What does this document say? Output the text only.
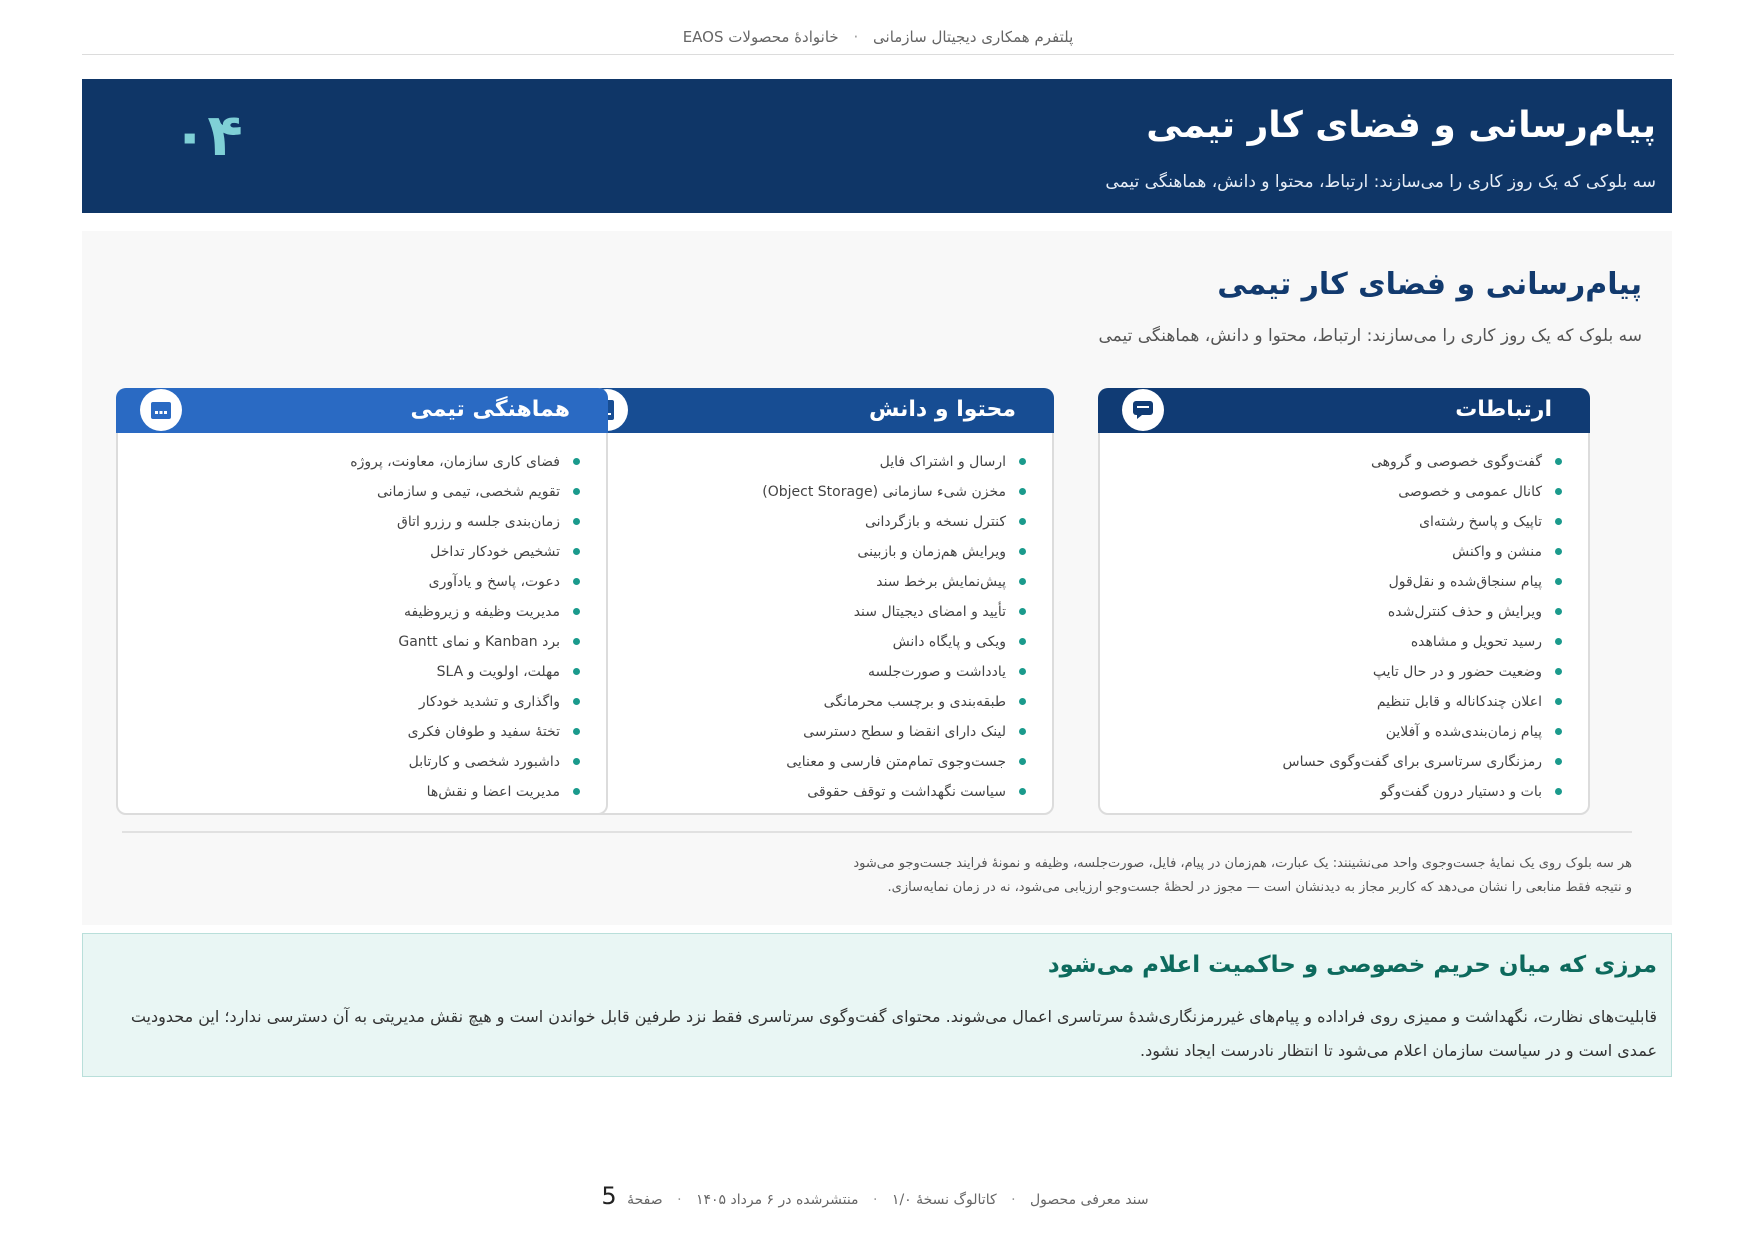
پلتفرم همکاری دیجیتال سازمانی · خانوادهٔ محصولات EAOS
پیام‌رسانی و فضای کار تیمی
سه بلوکی که یک روز کاری را می‌سازند: ارتباط، محتوا و دانش، هماهنگی تیمی
۰۴
پیام‌رسانی و فضای کار تیمی
سه بلوک که یک روز کاری را می‌سازند: ارتباط، محتوا و دانش، هماهنگی تیمی
ارتباطات
گفت‌وگوی خصوصی و گروهی
کانال عمومی و خصوصی
تاپیک و پاسخ رشته‌ای
منشن و واکنش
پیام سنجاق‌شده و نقل‌قول
ویرایش و حذف کنترل‌شده
رسید تحویل و مشاهده
وضعیت حضور و در حال تایپ
اعلان چندکاناله و قابل تنظیم
پیام زمان‌بندی‌شده و آفلاین
رمزنگاری سرتاسری برای گفت‌وگوی حساس
بات و دستیار درون گفت‌وگو
محتوا و دانش
ارسال و اشتراک فایل
مخزن شیء سازمانی (Object Storage)
کنترل نسخه و بازگردانی
ویرایش هم‌زمان و بازبینی
پیش‌نمایش برخط سند
تأیید و امضای دیجیتال سند
ویکی و پایگاه دانش
یادداشت و صورت‌جلسه
طبقه‌بندی و برچسب محرمانگی
لینک دارای انقضا و سطح دسترسی
جست‌وجوی تمام‌متن فارسی و معنایی
سیاست نگهداشت و توقف حقوقی
هماهنگی تیمی
فضای کاری سازمان، معاونت، پروژه
تقویم شخصی، تیمی و سازمانی
زمان‌بندی جلسه و رزرو اتاق
تشخیص خودکار تداخل
دعوت، پاسخ و یادآوری
مدیریت وظیفه و زیروظیفه
برد Kanban و نمای Gantt
مهلت، اولویت و SLA
واگذاری و تشدید خودکار
تختهٔ سفید و طوفان فکری
داشبورد شخصی و کارتابل
مدیریت اعضا و نقش‌ها
هر سه بلوک روی یک نمایهٔ جست‌وجوی واحد می‌نشینند: یک عبارت، هم‌زمان در پیام، فایل، صورت‌جلسه، وظیفه و نمونهٔ فرایند جست‌وجو می‌شود
و نتیجه فقط منابعی را نشان می‌دهد که کاربر مجاز به دیدنشان است — مجوز در لحظهٔ جست‌وجو ارزیابی می‌شود، نه در زمان نمایه‌سازی.
مرزی که میان حریم خصوصی و حاکمیت اعلام می‌شود
قابلیت‌های نظارت، نگهداشت و ممیزی روی فراداده و پیام‌های غیررمزنگاری‌شدهٔ سرتاسری اعمال می‌شوند. محتوای گفت‌وگوی سرتاسری فقط نزد طرفین قابل خواندن است و هیچ نقش مدیریتی به آن دسترسی ندارد؛ این محدودیت عمدی است و در سیاست سازمان اعلام می‌شود تا انتظار نادرست ایجاد نشود.
سند معرفی محصول · کاتالوگ نسخهٔ ۱/۰ · منتشرشده در ۶ مرداد ۱۴۰۵ · صفحهٔ 5
